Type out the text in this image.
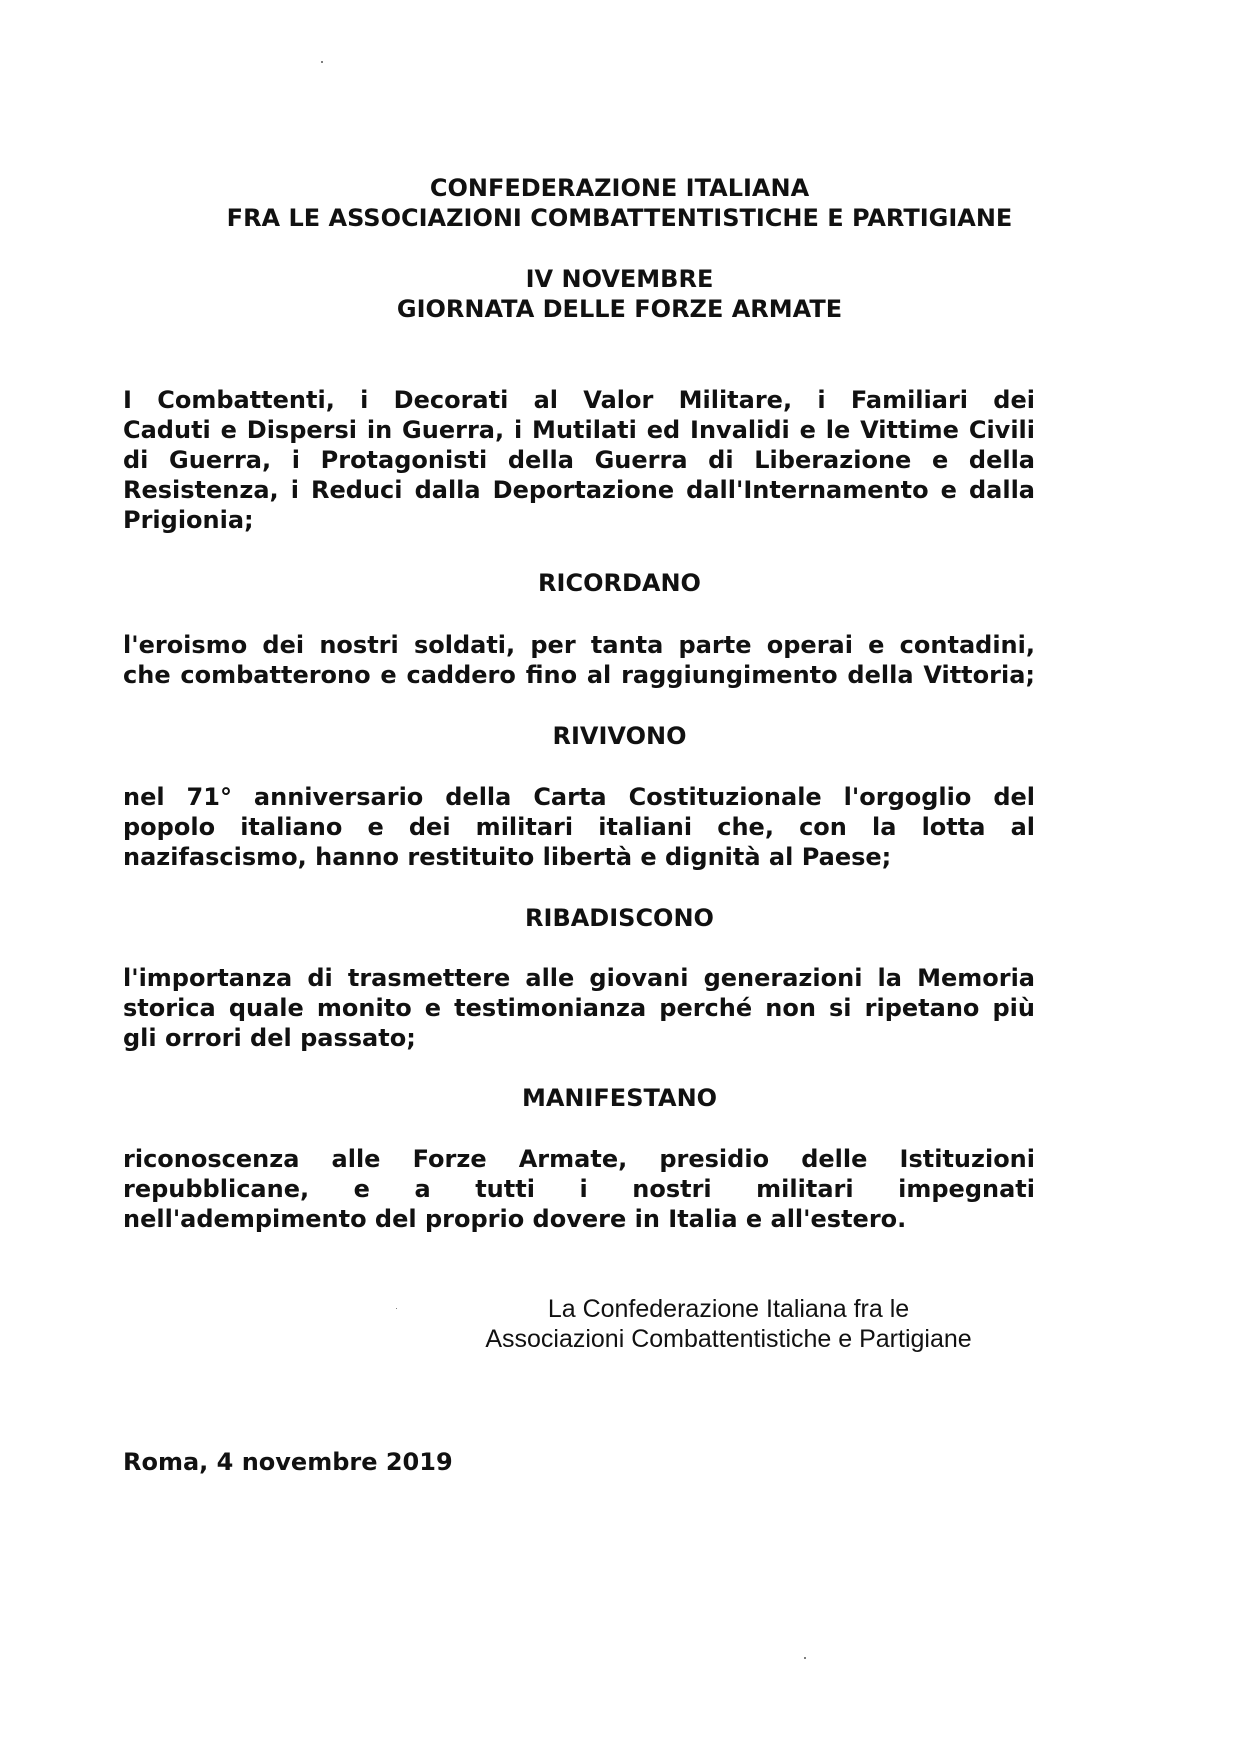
CONFEDERAZIONE ITALIANA
FRA LE ASSOCIAZIONI COMBATTENTISTICHE E PARTIGIANE
IV NOVEMBRE
GIORNATA DELLE FORZE ARMATE
I Combattenti, i Decorati al Valor Militare, i Familiari dei
Caduti e Dispersi in Guerra, i Mutilati ed Invalidi e le Vittime Civili
di Guerra, i Protagonisti della Guerra di Liberazione e della
Resistenza, i Reduci dalla Deportazione dall'Internamento e dalla
Prigionia;
RICORDANO
l'eroismo dei nostri soldati, per tanta parte operai e contadini,
che combatterono e caddero fino al raggiungimento della Vittoria;
RIVIVONO
nel 71° anniversario della Carta Costituzionale l'orgoglio del
popolo italiano e dei militari italiani che, con la lotta al
nazifascismo, hanno restituito libertà e dignità al Paese;
RIBADISCONO
l'importanza di trasmettere alle giovani generazioni la Memoria
storica quale monito e testimonianza perché non si ripetano più
gli orrori del passato;
MANIFESTANO
riconoscenza alle Forze Armate, presidio delle Istituzioni
repubblicane, e a tutti i nostri militari impegnati
nell'adempimento del proprio dovere in Italia e all'estero.
La Confederazione Italiana fra le
Associazioni Combattentistiche e Partigiane
Roma, 4 novembre 2019
